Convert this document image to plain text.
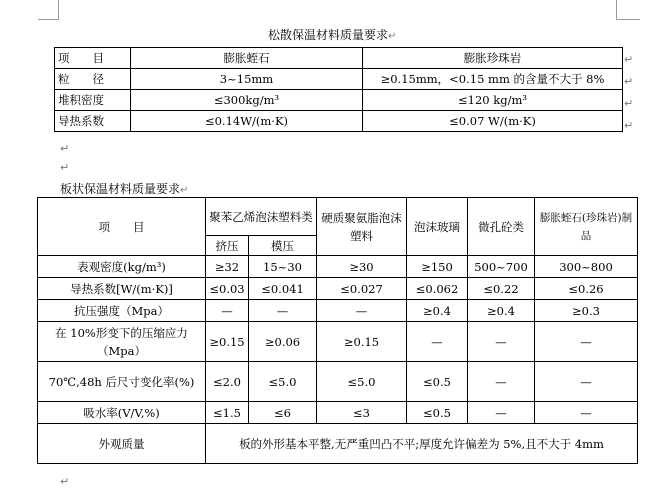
松散保温材料质量要求↵
项　　目	膨胀蛭石	膨胀珍珠岩
粒　　径	3~15mm	≥0.15mm，<0.15 mm 的含量不大于 8%
堆积密度	≤300kg/m³	≤120 kg/m³
导热系数	≤0.14W/(m·K)	≤0.07 W/(m·K)
↵
↵
↵
↵
↵
↵
板状保温材料质量要求↵
项　　目	聚苯乙烯泡沫塑料类		硬质聚氨脂泡沫塑料	泡沫玻璃	微孔砼类	膨胀蛭石(珍珠岩)制品
	挤压	模压				
表观密度(kg/m³)	≥32	15~30	≥30	≥150	500~700	300~800
导热系数[W/(m·K)]	≤0.03	≤0.041	≤0.027	≤0.062	≤0.22	≤0.26
抗压强度（Mpa）	—	—	—	≥0.4	≥0.4	≥0.3
在 10%形变下的压缩应力（Mpa）	≥0.15	≥0.06	≥0.15	—	—	—
70℃,48h 后尺寸变化率(%)	≤2.0	≤5.0	≤5.0	≤0.5	—	—
吸水率(V/V,%)	≤1.5	≤6	≤3	≤0.5	—	—
外观质量	板的外形基本平整,无严重凹凸不平;厚度允许偏差为 5%,且不大于 4mm					
↵
